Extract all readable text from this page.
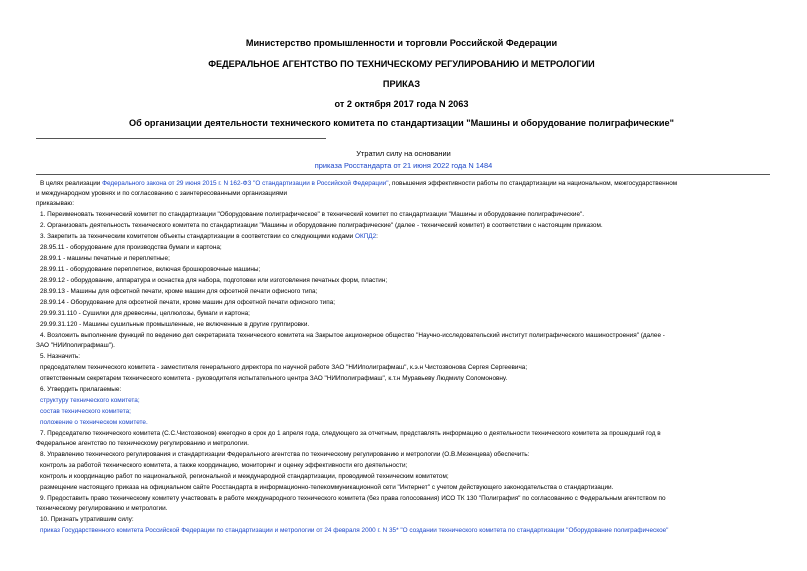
Министерство промышленности и торговли Российской Федерации
ФЕДЕРАЛЬНОЕ АГЕНТСТВО ПО ТЕХНИЧЕСКОМУ РЕГУЛИРОВАНИЮ И МЕТРОЛОГИИ
ПРИКАЗ
от 2 октября 2017 года N 2063
Об организации деятельности технического комитета по стандартизации "Машины и оборудование полиграфические"
Утратил силу на основании
приказа Росстандарта от 21 июня 2022 года N 1484
В целях реализации Федерального закона от 29 июня 2015 г. N 162-ФЗ "О стандартизации в Российской Федерации", повышения эффективности работы по стандартизации на национальном, межгосударственном
и международном уровнях и по согласованию с заинтересованными организациями
приказываю:
1. Переименовать технический комитет по стандартизации "Оборудование полиграфическое" в технический комитет по стандартизации "Машины и оборудование полиграфические".
2. Организовать деятельность технического комитета по стандартизации "Машины и оборудование полиграфические" (далее - технический комитет) в соответствии с настоящим приказом.
3. Закрепить за техническим комитетом объекты стандартизации в соответствии со следующими кодами ОКПД2:
28.95.11 - оборудование для производства бумаги и картона;
28.99.1 - машины печатные и переплетные;
28.99.11 - оборудование переплетное, включая брошюровочные машины;
28.99.12 - оборудование, аппаратура и оснастка для набора, подготовки или изготовления печатных форм, пластин;
28.99.13 - Машины для офсетной печати, кроме машин для офсетной печати офисного типа;
28.99.14 - Оборудование для офсетной печати, кроме машин для офсетной печати офисного типа;
29.99.31.110 - Сушилки для древесины, целлюлозы, бумаги и картона;
29.99.31.120 - Машины сушильные промышленные, не включенные в другие группировки.
4. Возложить выполнение функций по ведению дел секретариата технического комитета на Закрытое акционерное общество "Научно-исследовательский институт полиграфического машиностроения" (далее -
ЗАО "НИИполиграфмаш").
5. Назначить:
председателем технического комитета - заместителя генерального директора по научной работе ЗАО "НИИполиграфмаш", к.э.н Чистозвонова Сергея Сергеевича;
ответственным секретарем технического комитета - руководителя испытательного центра ЗАО "НИИполиграфмаш", к.т.н Муравьеву Людмилу Соломоновну.
6. Утвердить прилагаемые:
структуру технического комитета;
состав технического комитета;
положение о техническом комитете.
7. Председателю технического комитета (С.С.Чистозвонов) ежегодно в срок до 1 апреля года, следующего за отчетным, представлять информацию о деятельности технического комитета за прошедший год в
Федеральное агентство по техническому регулированию и метрологии.
8. Управлению технического регулирования и стандартизации Федерального агентства по техническому регулированию и метрологии (О.В.Мезенцева) обеспечить:
контроль за работой технического комитета, а также координацию, мониторинг и оценку эффективности его деятельности;
контроль и координацию работ по национальной, региональной и международной стандартизации, проводимой техническим комитетом;
размещение настоящего приказа на официальном сайте Росстандарта в информационно-телекоммуникационной сети "Интернет" с учетом действующего законодательства о стандартизации.
9. Предоставить право техническому комитету участвовать в работе международного технического комитета (без права голосования) ИСО ТК 130 "Полиграфия" по согласованию с Федеральным агентством по
техническому регулированию и метрологии.
10. Признать утратившим силу:
приказ Государственного комитета Российской Федерации по стандартизации и метрологии от 24 февраля 2000 г. N 35* "О создании технического комитета по стандартизации "Оборудование полиграфическое"
